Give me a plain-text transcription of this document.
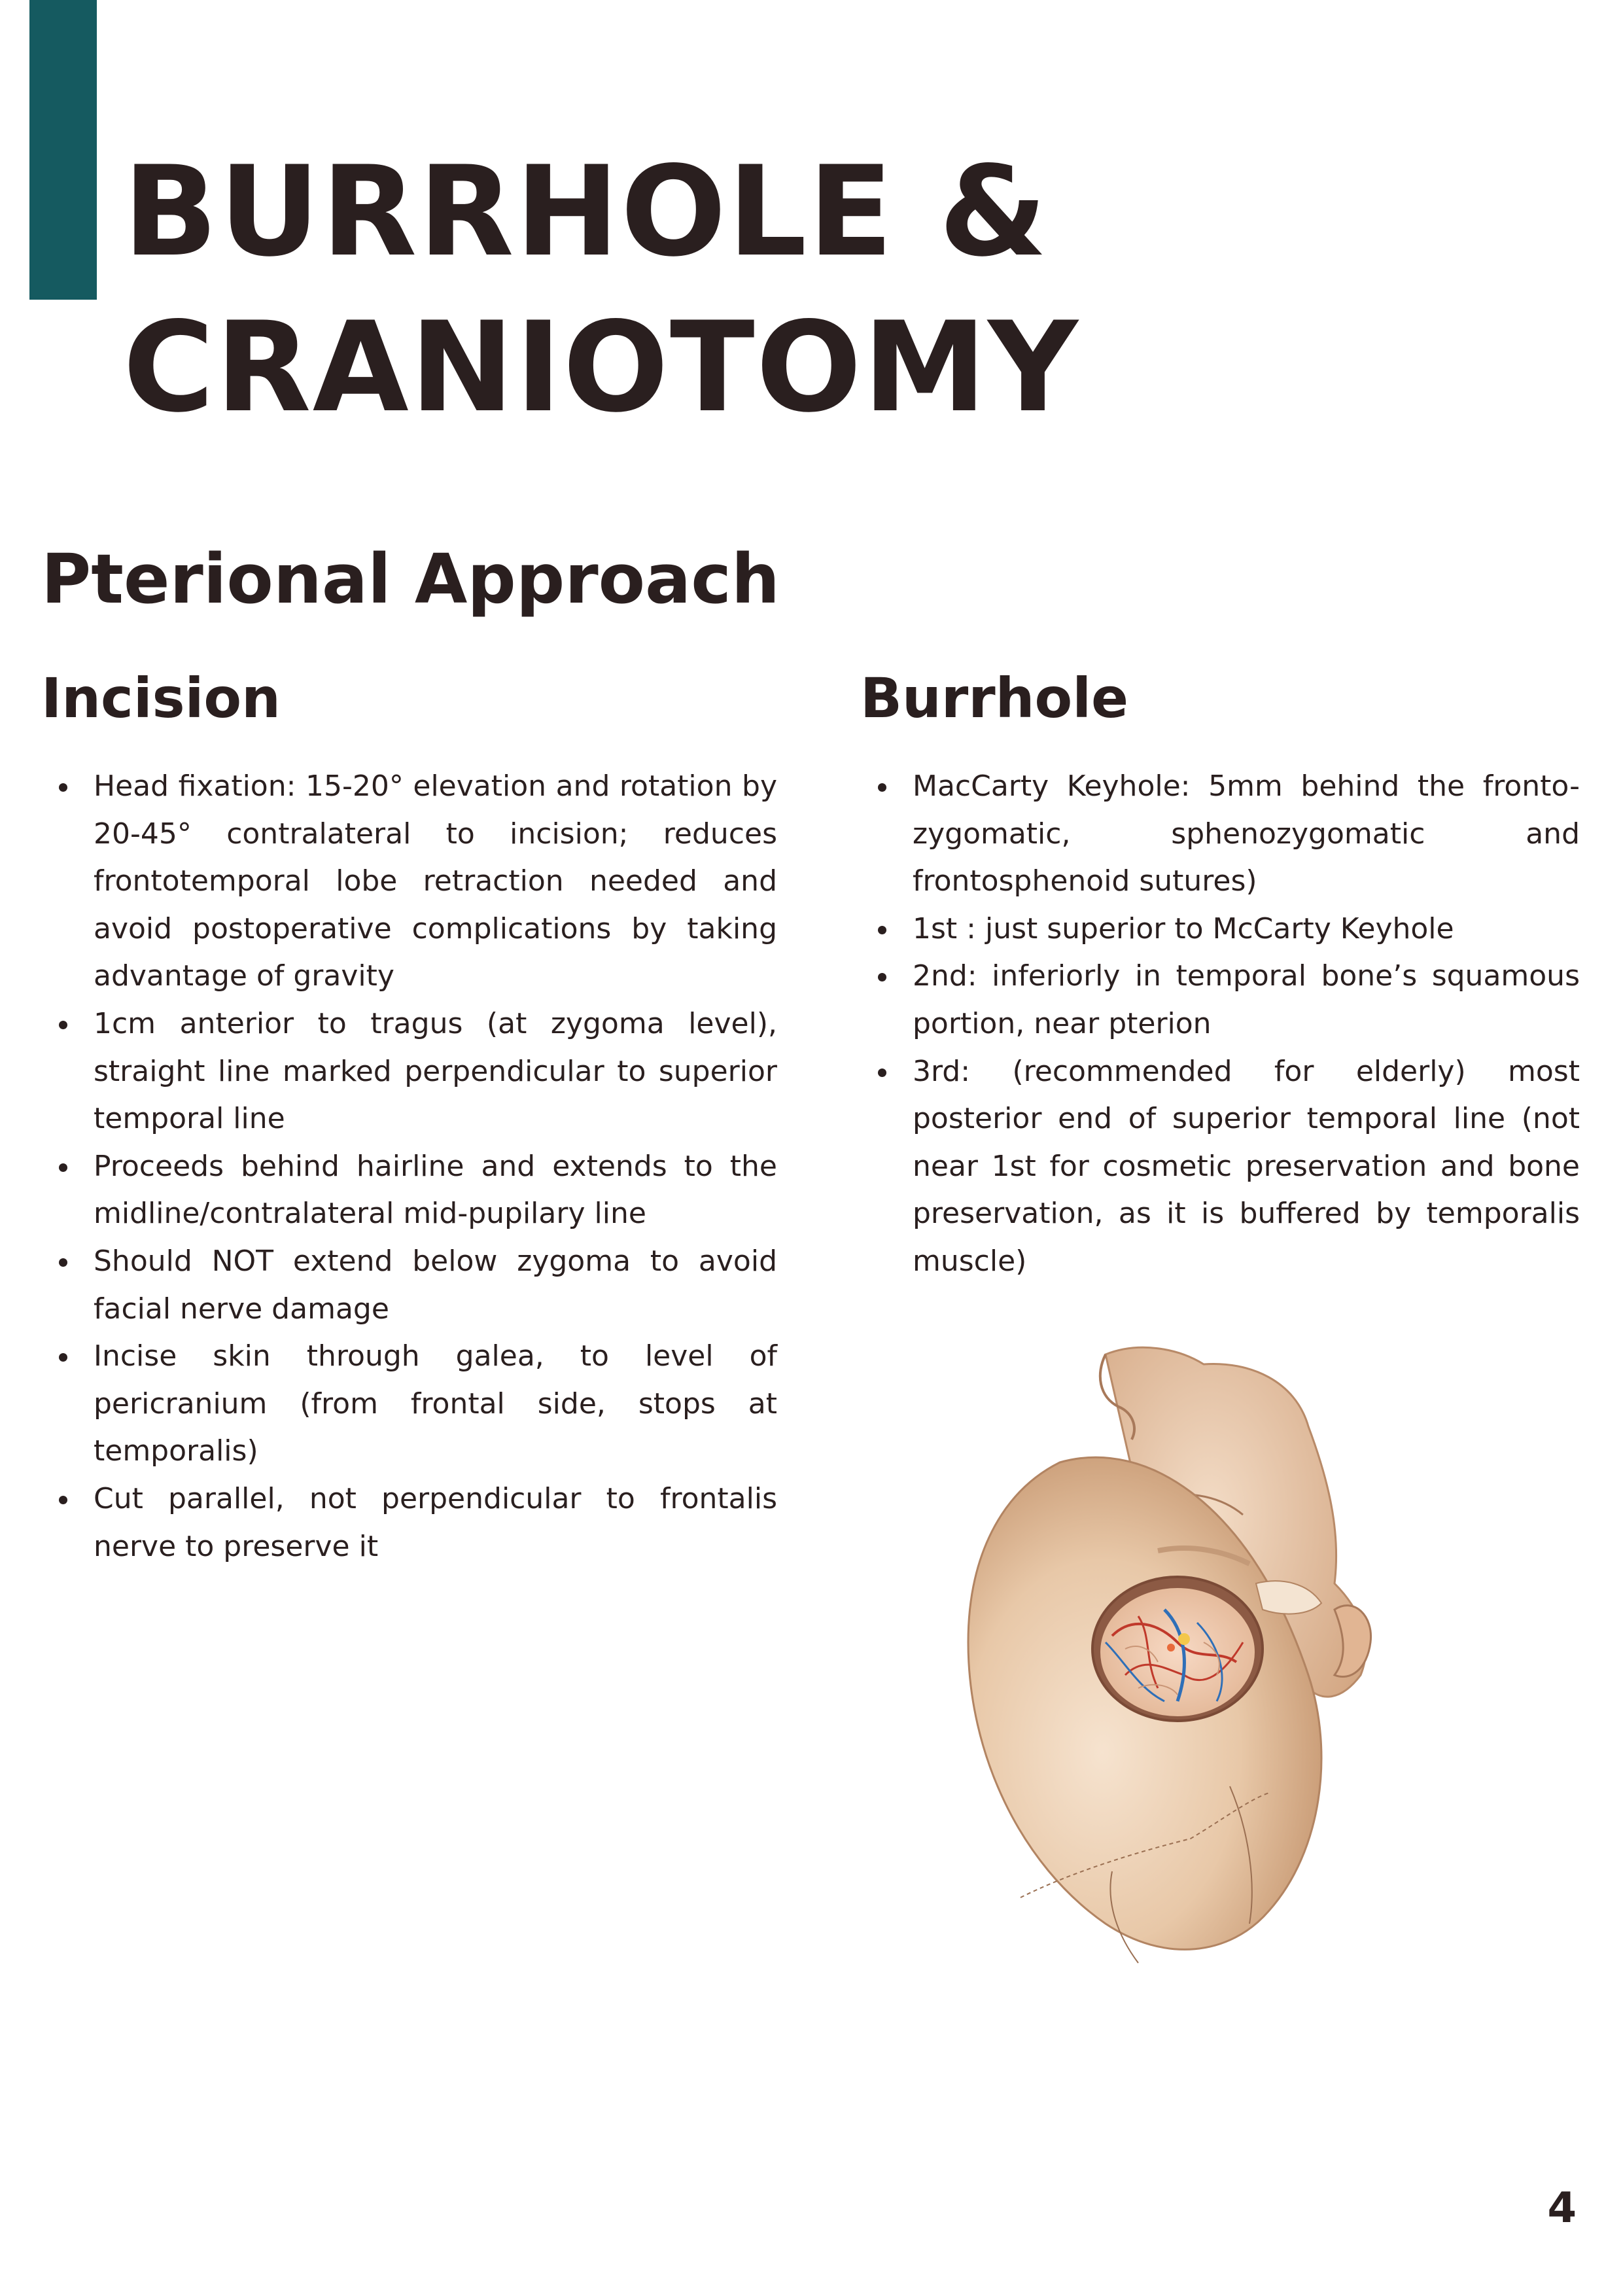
BURRHOLE &
CRANIOTOMY
Pterional Approach
Incision
Head fixation: 15-20° elevation and rotation by 20-45° contralateral to incision; reduces frontotemporal lobe retraction needed and avoid postoperative complications by taking advantage of gravity
1cm anterior to tragus (at zygoma level), straight line marked perpendicular to superior temporal line
Proceeds behind hairline and extends to the midline/contralateral mid-pupilary line
Should NOT extend below zygoma to avoid facial nerve damage
Incise skin through galea, to level of pericranium (from frontal side, stops at temporalis)
Cut parallel, not perpendicular to frontalis nerve to preserve it
Burrhole
MacCarty Keyhole: 5mm behind the fronto-zygomatic, sphenozygomatic and frontosphenoid sutures)
1st : just superior to McCarty Keyhole
2nd: inferiorly in temporal bone’s squamous portion, near pterion
3rd: (recommended for elderly) most posterior end of superior temporal line (not near 1st for cosmetic preservation and bone preservation, as it is buffered by temporalis muscle)
4
